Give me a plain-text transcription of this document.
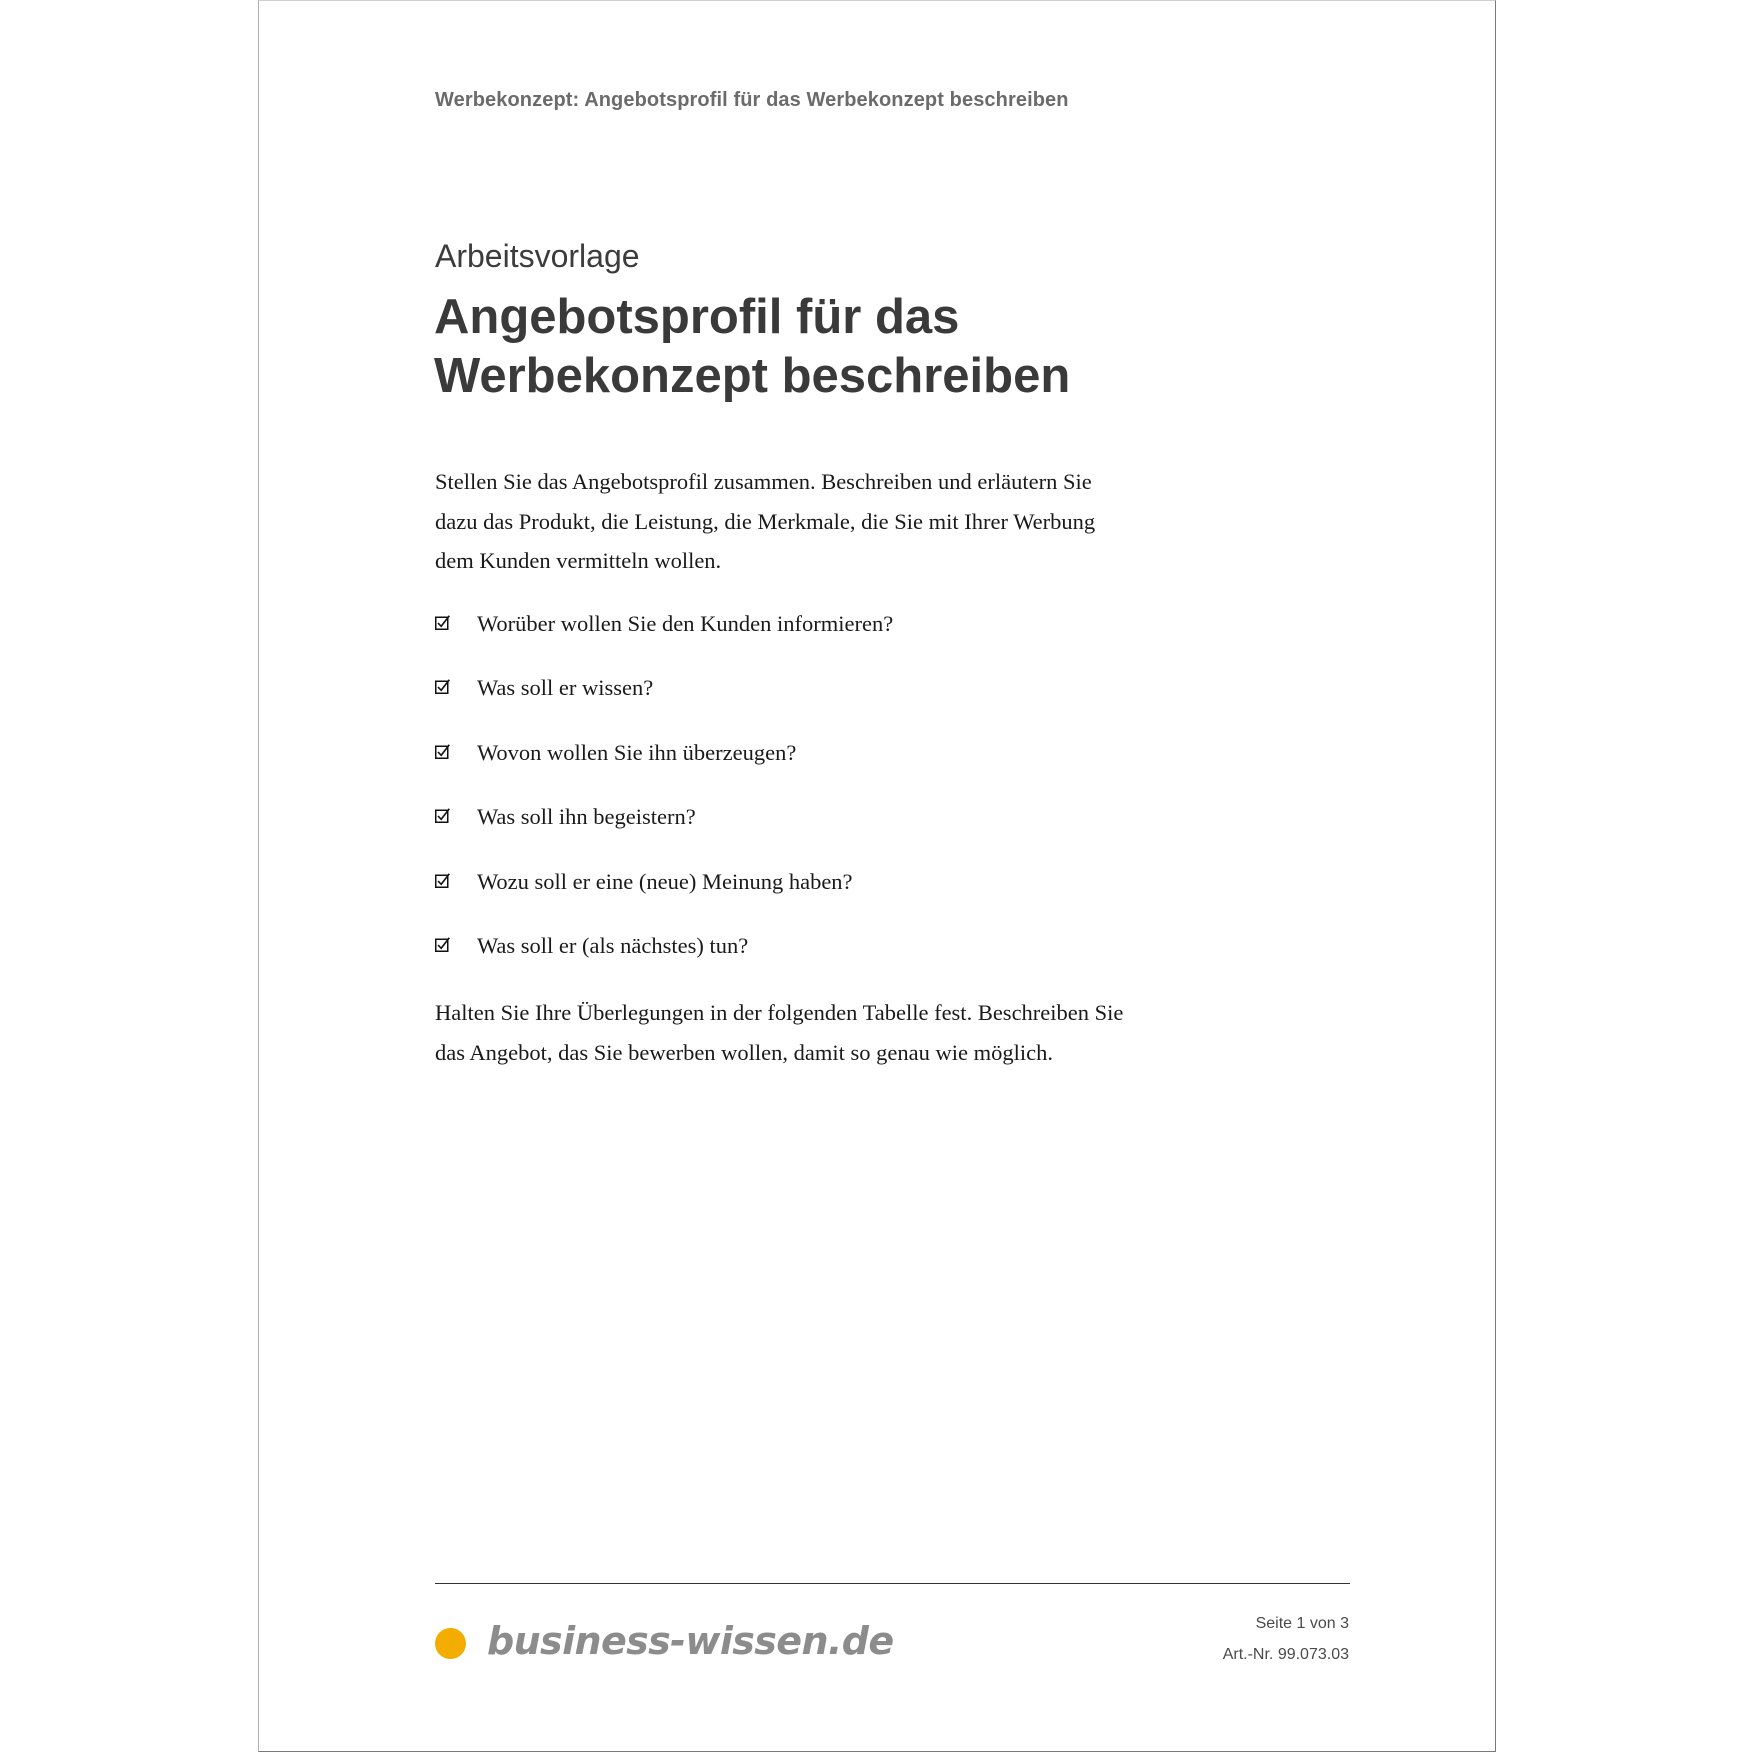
Werbekonzept: Angebotsprofil für das Werbekonzept beschreiben
Arbeitsvorlage
Angebotsprofil für das
Werbekonzept beschreiben

Stellen Sie das Angebotsprofil zusammen. Beschreiben und erläutern Sie
dazu das Produkt, die Leistung, die Merkmale, die Sie mit Ihrer Werbung
dem Kunden vermitteln wollen.

Worüber wollen Sie den Kunden informieren?
Was soll er wissen?
Wovon wollen Sie ihn überzeugen?
Was soll ihn begeistern?
Wozu soll er eine (neue) Meinung haben?
Was soll er (als nächstes) tun?

Halten Sie Ihre Überlegungen in der folgenden Tabelle fest. Beschreiben Sie
das Angebot, das Sie bewerben wollen, damit so genau wie möglich.

business-wissen.de	Seite 1 von 3
Art.-Nr. 99.073.03
